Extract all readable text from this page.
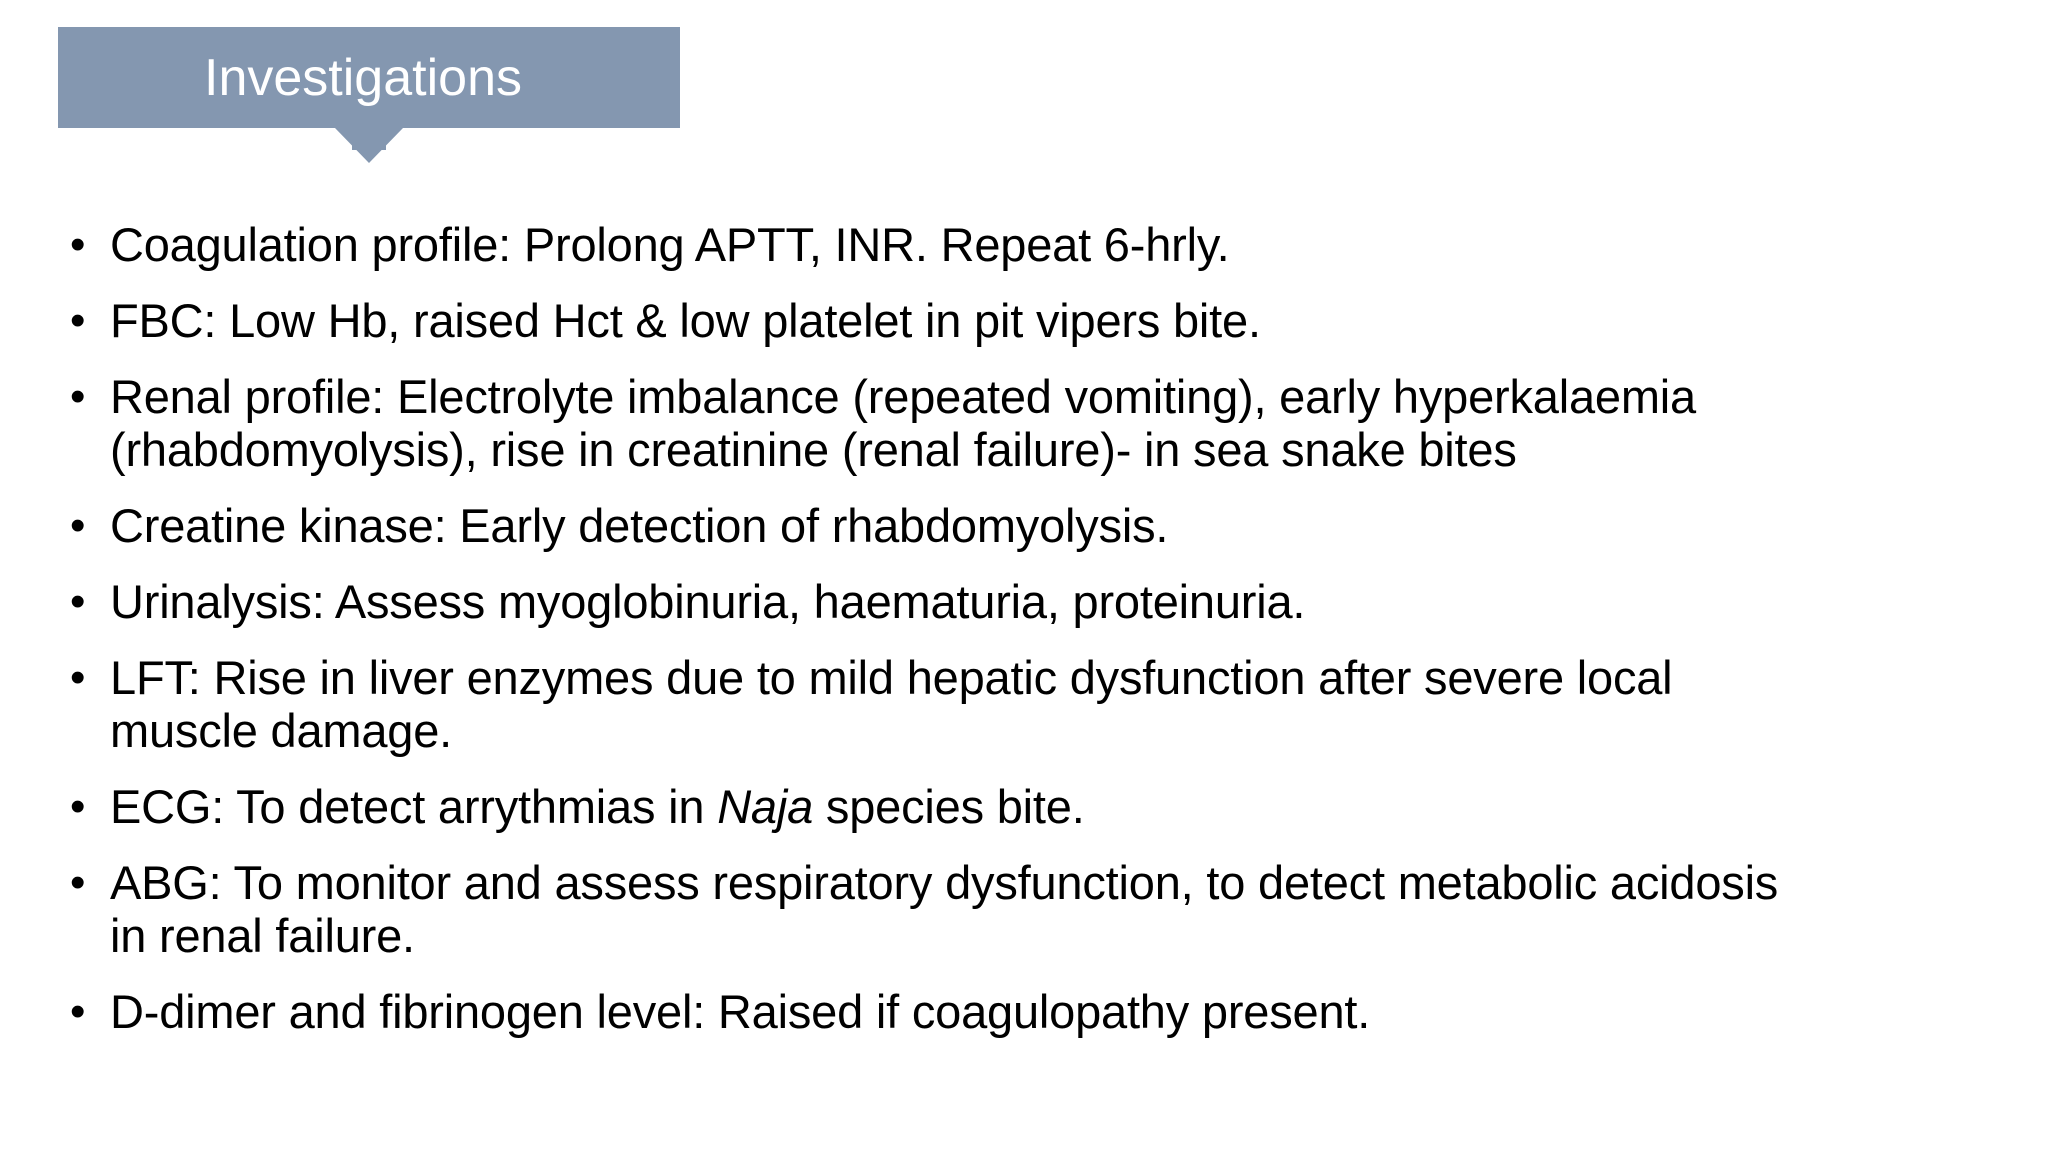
Investigations
• Coagulation profile: Prolong APTT, INR. Repeat 6-hrly.
• FBC: Low Hb, raised Hct & low platelet in pit vipers bite.
• Renal profile: Electrolyte imbalance (repeated vomiting), early hyperkalaemia
(rhabdomyolysis), rise in creatinine (renal failure)- in sea snake bites
• Creatine kinase: Early detection of rhabdomyolysis.
• Urinalysis: Assess myoglobinuria, haematuria, proteinuria.
• LFT: Rise in liver enzymes due to mild hepatic dysfunction after severe local
muscle damage.
• ECG: To detect arrythmias in Naja species bite.
• ABG: To monitor and assess respiratory dysfunction, to detect metabolic acidosis
in renal failure.
• D-dimer and fibrinogen level: Raised if coagulopathy present.
